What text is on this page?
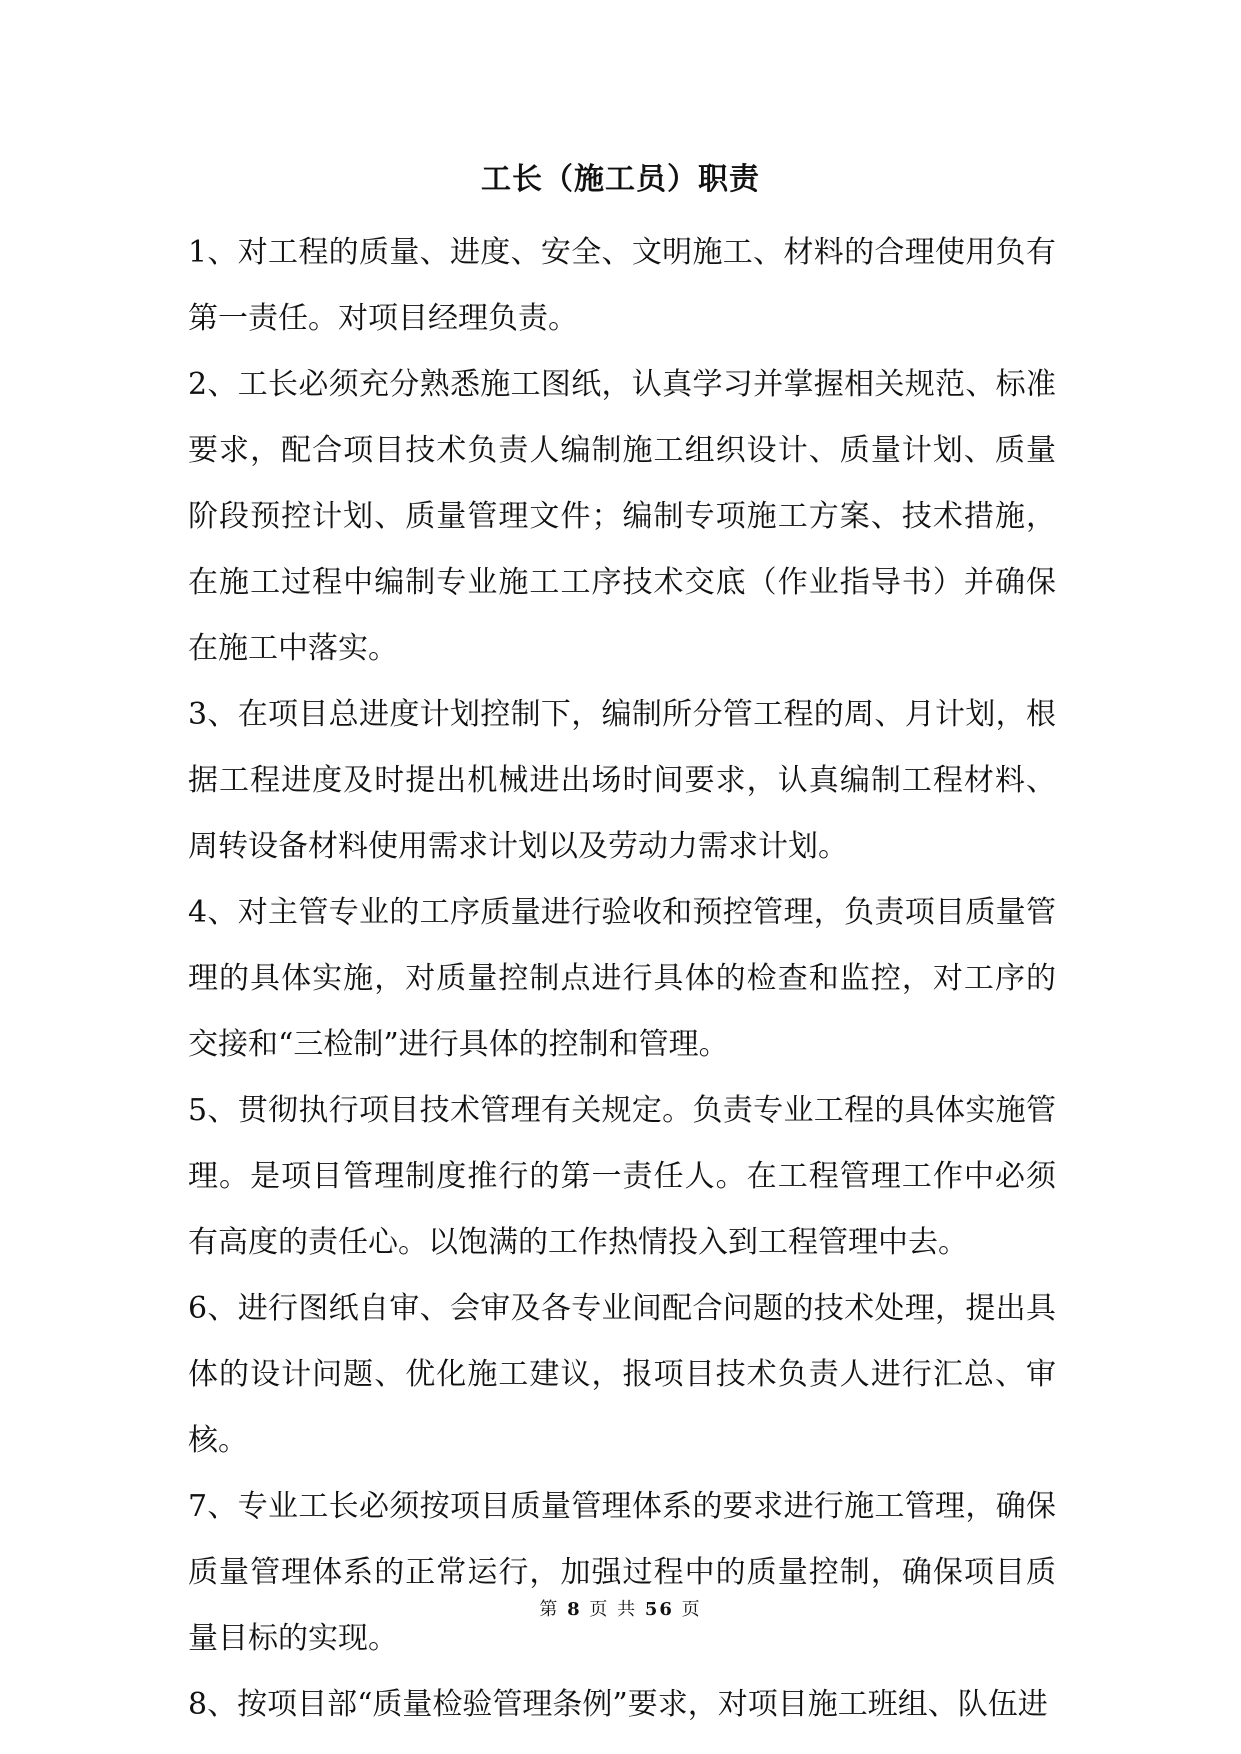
工长（施工员）职责

1、对工程的质量、进度、安全、文明施工、材料的合理使用负有第一责任。对项目经理负责。

2、工长必须充分熟悉施工图纸，认真学习并掌握相关规范、标准要求，配合项目技术负责人编制施工组织设计、质量计划、质量阶段预控计划、质量管理文件；编制专项施工方案、技术措施，在施工过程中编制专业施工工序技术交底（作业指导书）并确保在施工中落实。

3、在项目总进度计划控制下，编制所分管工程的周、月计划，根据工程进度及时提出机械进出场时间要求，认真编制工程材料、周转设备材料使用需求计划以及劳动力需求计划。

4、对主管专业的工序质量进行验收和预控管理，负责项目质量管理的具体实施，对质量控制点进行具体的检查和监控，对工序的交接和“三检制”进行具体的控制和管理。

5、贯彻执行项目技术管理有关规定。负责专业工程的具体实施管理。是项目管理制度推行的第一责任人。在工程管理工作中必须有高度的责任心。以饱满的工作热情投入到工程管理中去。

6、进行图纸自审、会审及各专业间配合问题的技术处理，提出具体的设计问题、优化施工建议，报项目技术负责人进行汇总、审核。

7、专业工长必须按项目质量管理体系的要求进行施工管理，确保质量管理体系的正常运行，加强过程中的质量控制，确保项目质量目标的实现。

8、按项目部“质量检验管理条例”要求，对项目施工班组、队伍进

第 8 页 共 56 页
